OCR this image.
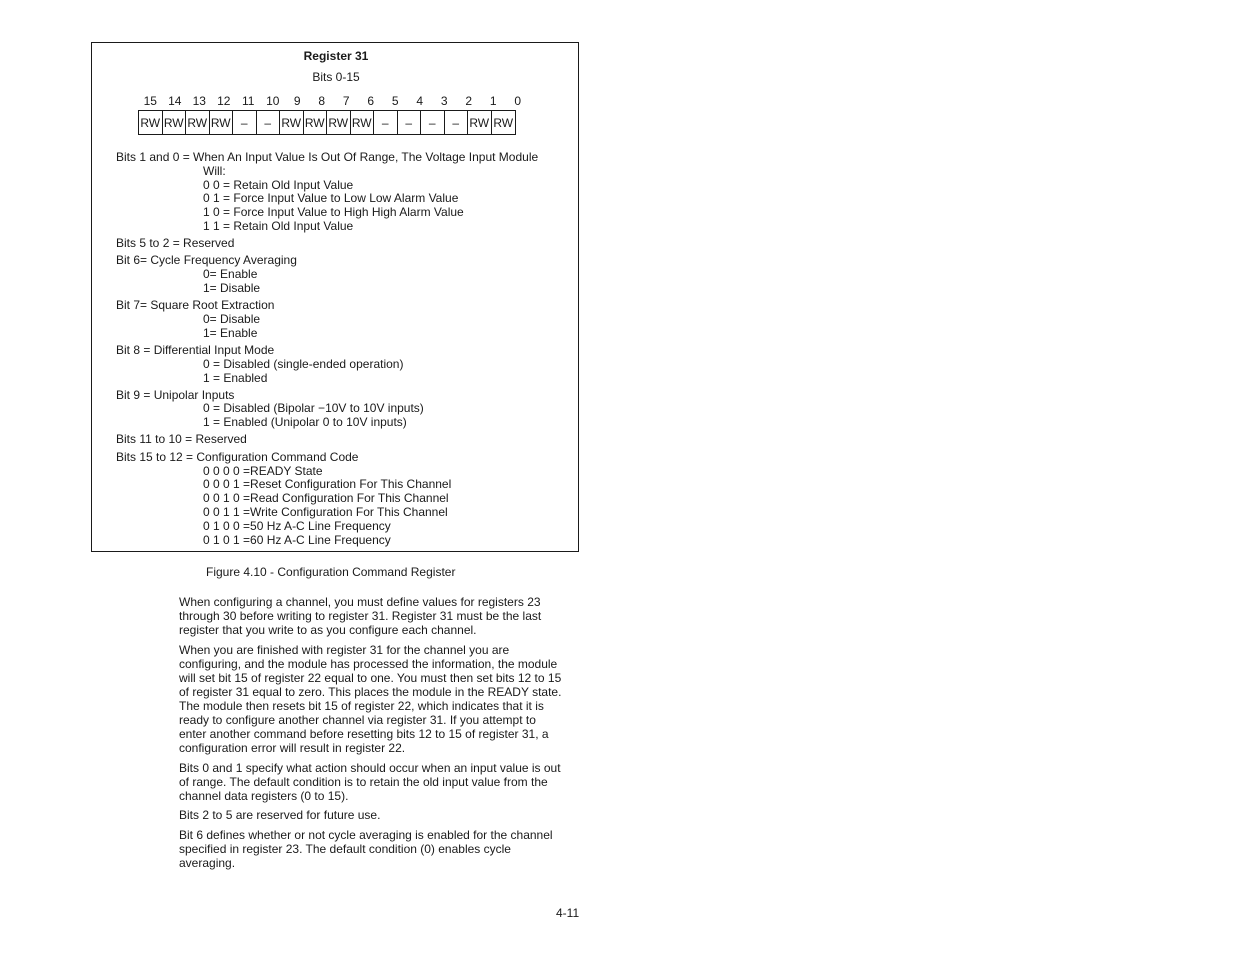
Register 31
Bits 0-15
15 14 13 12 11 10	9	8	7	6	5	4	3	2	1	0
RW RW RW RW –	– RW RW RW RW –	–	–	– RW RW
Bits 1 and 0 = When An Input Value Is Out Of Range, The Voltage Input Module
Will:
0 0 = Retain Old Input Value
0 1 = Force Input Value to Low Low Alarm Value
1 0 = Force Input Value to High High Alarm Value
1 1 = Retain Old Input Value
Bits 5 to 2 = Reserved
Bit 6= Cycle Frequency Averaging
0= Enable
1= Disable
Bit 7= Square Root Extraction
0= Disable
1= Enable
Bit 8 = Differential Input Mode
0 = Disabled (single-ended operation)
1 = Enabled
Bit 9 = Unipolar Inputs
0 = Disabled (Bipolar −10V to 10V inputs)
1 = Enabled (Unipolar 0 to 10V inputs)
Bits 11 to 10 = Reserved
Bits 15 to 12 = Configuration Command Code
0 0 0 0 =READY State
0 0 0 1 =Reset Configuration For This Channel
0 0 1 0 =Read Configuration For This Channel
0 0 1 1 =Write Configuration For This Channel
0 1 0 0 =50 Hz A-C Line Frequency
0 1 0 1 =60 Hz A-C Line Frequency
Figure 4.10 - Configuration Command Register

When configuring a channel, you must define values for registers 23 through 30 before writing to register 31. Register 31 must be the last register that you write to as you configure each channel.

When you are finished with register 31 for the channel you are configuring, and the module has processed the information, the module will set bit 15 of register 22 equal to one. You must then set bits 12 to 15 of register 31 equal to zero. This places the module in the READY state. The module then resets bit 15 of register 22, which indicates that it is ready to configure another channel via register 31. If you attempt to enter another command before resetting bits 12 to 15 of register 31, a configuration error will result in register 22.

Bits 0 and 1 specify what action should occur when an input value is out of range. The default condition is to retain the old input value from the channel data registers (0 to 15).

Bits 2 to 5 are reserved for future use.

Bit 6 defines whether or not cycle averaging is enabled for the channel specified in register 23. The default condition (0) enables cycle averaging.

4-11
